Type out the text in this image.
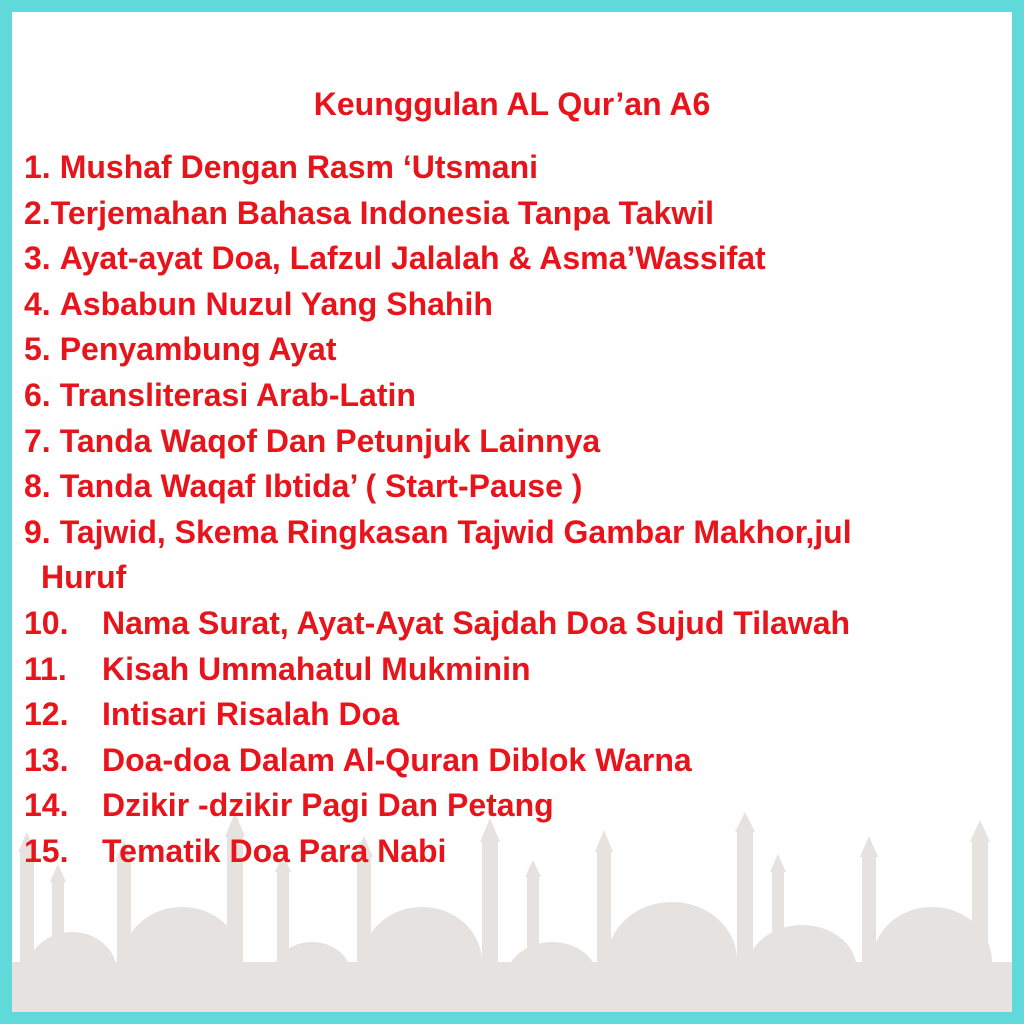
Keunggulan AL Qur’an A6
1. Mushaf Dengan Rasm ‘Utsmani
2. Terjemahan Bahasa Indonesia Tanpa Takwil
3. Ayat-ayat Doa, Lafzul Jalalah & Asma’Wassifat
4. Asbabun Nuzul Yang Shahih
5. Penyambung Ayat
6. Transliterasi Arab-Latin
7. Tanda Waqof Dan Petunjuk Lainnya
8. Tanda Waqaf Ibtida’ ( Start-Pause )
9. Tajwid, Skema Ringkasan Tajwid Gambar Makhor,jul
Huruf
10.	Nama Surat, Ayat-Ayat Sajdah Doa Sujud Tilawah
11.	Kisah Ummahatul Mukminin
12.	Intisari Risalah Doa
13.	Doa-doa Dalam Al-Quran Diblok Warna
14.	Dzikir -dzikir Pagi Dan Petang
15.	Tematik Doa Para Nabi
